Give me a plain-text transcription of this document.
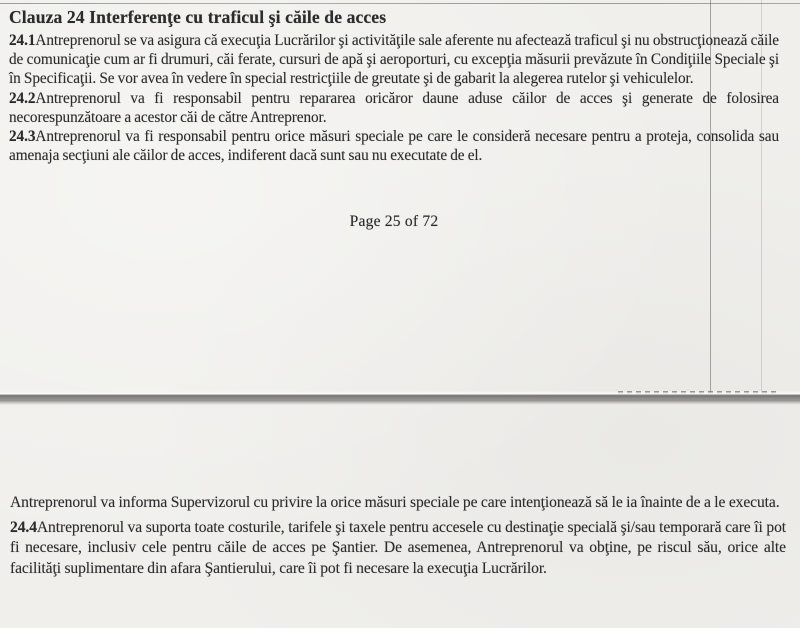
Clauza 24 Interferenţe cu traficul şi căile de acces

24.1Antreprenorul se va asigura că execuţia Lucrărilor şi activităţile sale aferente nu afectează traficul şi nu obstrucţionează căile de comunicaţie cum ar fi drumuri, căi ferate, cursuri de apă şi aeroporturi, cu excepţia măsurii prevăzute în Condiţiile Speciale şi în Specificaţii. Se vor avea în vedere în special restricţiile de greutate şi de gabarit la alegerea rutelor şi vehiculelor.

24.2Antreprenorul va fi responsabil pentru repararea oricăror daune aduse căilor de acces şi generate de folosirea necorespunzătoare a acestor căi de către Antreprenor.

24.3Antreprenorul va fi responsabil pentru orice măsuri speciale pe care le consideră necesare pentru a proteja, consolida sau amenaja secţiuni ale căilor de acces, indiferent dacă sunt sau nu executate de el.

Page 25 of 72

Antreprenorul va informa Supervizorul cu privire la orice măsuri speciale pe care intenţionează să le ia înainte de a le executa.

24.4Antreprenorul va suporta toate costurile, tarifele şi taxele pentru accesele cu destinaţie specială şi/sau temporară care îi pot fi necesare, inclusiv cele pentru căile de acces pe Şantier. De asemenea, Antreprenorul va obţine, pe riscul său, orice alte facilităţi suplimentare din afara Şantierului, care îi pot fi necesare la execuţia Lucrărilor.
